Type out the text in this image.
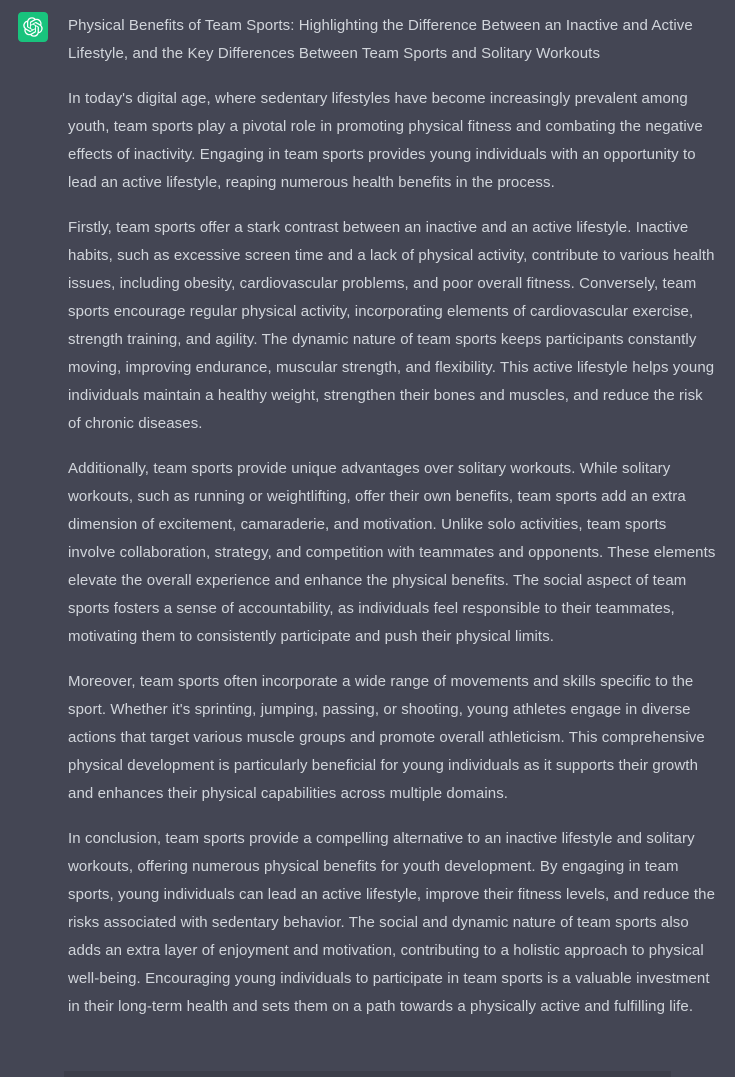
Physical Benefits of Team Sports: Highlighting the Difference Between an Inactive and Active Lifestyle, and the Key Differences Between Team Sports and Solitary Workouts

In today's digital age, where sedentary lifestyles have become increasingly prevalent among youth, team sports play a pivotal role in promoting physical fitness and combating the negative effects of inactivity. Engaging in team sports provides young individuals with an opportunity to lead an active lifestyle, reaping numerous health benefits in the process.

Firstly, team sports offer a stark contrast between an inactive and an active lifestyle. Inactive habits, such as excessive screen time and a lack of physical activity, contribute to various health issues, including obesity, cardiovascular problems, and poor overall fitness. Conversely, team sports encourage regular physical activity, incorporating elements of cardiovascular exercise, strength training, and agility. The dynamic nature of team sports keeps participants constantly moving, improving endurance, muscular strength, and flexibility. This active lifestyle helps young individuals maintain a healthy weight, strengthen their bones and muscles, and reduce the risk of chronic diseases.

Additionally, team sports provide unique advantages over solitary workouts. While solitary workouts, such as running or weightlifting, offer their own benefits, team sports add an extra dimension of excitement, camaraderie, and motivation. Unlike solo activities, team sports involve collaboration, strategy, and competition with teammates and opponents. These elements elevate the overall experience and enhance the physical benefits. The social aspect of team sports fosters a sense of accountability, as individuals feel responsible to their teammates, motivating them to consistently participate and push their physical limits.

Moreover, team sports often incorporate a wide range of movements and skills specific to the sport. Whether it's sprinting, jumping, passing, or shooting, young athletes engage in diverse actions that target various muscle groups and promote overall athleticism. This comprehensive physical development is particularly beneficial for young individuals as it supports their growth and enhances their physical capabilities across multiple domains.

In conclusion, team sports provide a compelling alternative to an inactive lifestyle and solitary workouts, offering numerous physical benefits for youth development. By engaging in team sports, young individuals can lead an active lifestyle, improve their fitness levels, and reduce the risks associated with sedentary behavior. The social and dynamic nature of team sports also adds an extra layer of enjoyment and motivation, contributing to a holistic approach to physical well-being. Encouraging young individuals to participate in team sports is a valuable investment in their long-term health and sets them on a path towards a physically active and fulfilling life.
